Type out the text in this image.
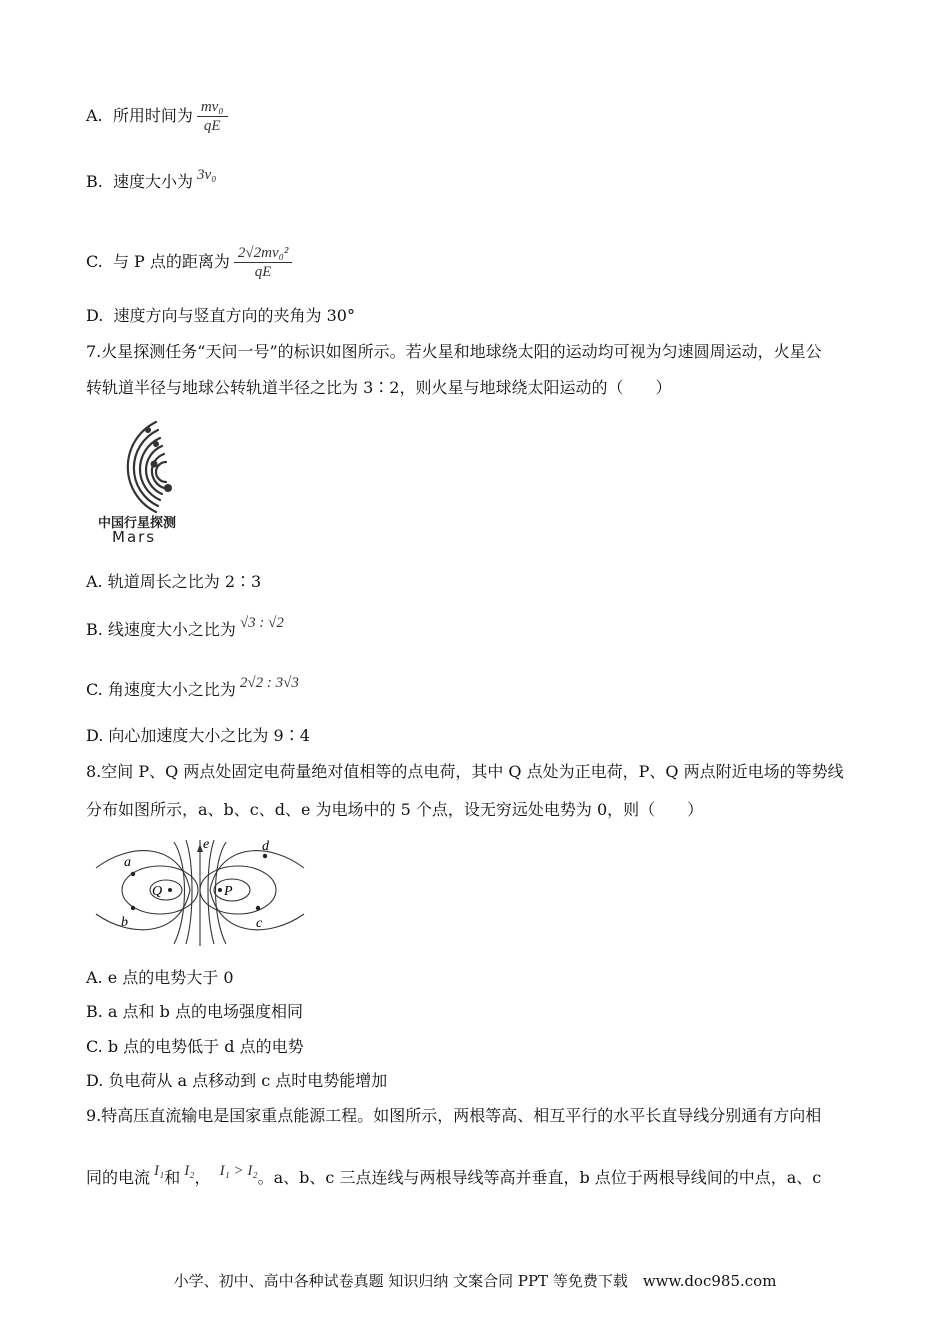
A. 所用时间为 $\frac{\text{mv₀}}{qE}$
B. 速度大小为 3v₀
C. 与 P 点的距离为 $\frac{\text{2√2mv₀²}}{qE}$
D. 速度方向与竖直方向的夹角为 30°
7.火星探测任务“天问一号”的标识如图所示。若火星和地球绕太阳的运动均可视为匀速圆周运动，火星公
转轨道半径与地球公转轨道半径之比为 3∶2，则火星与地球绕太阳运动的（　　）
中国行星探测
Mars
A. 轨道周长之比为 2∶3
B. 线速度大小之比为 √3 : √2
C. 角速度大小之比为 2√2 : 3√3
D. 向心加速度大小之比为 9∶4
8.空间 P、Q 两点处固定电荷量绝对值相等的点电荷，其中 Q 点处为正电荷，P、Q 两点附近电场的等势线
分布如图所示，a、b、c、d、e 为电场中的 5 个点，设无穷远处电势为 0，则（　　）
a
b	c
d
e
Q	P
A. e 点的电势大于 0
B. a 点和 b 点的电场强度相同
C. b 点的电势低于 d 点的电势
D. 负电荷从 a 点移动到 c 点时电势能增加
9.特高压直流输电是国家重点能源工程。如图所示，两根等高、相互平行的水平长直导线分别通有方向相
同的电流 I₁和 I₂， I₁ > I₂。a、b、c 三点连线与两根导线等高并垂直，b 点位于两根导线间的中点，a、c
小学、初中、高中各种试卷真题 知识归纳 文案合同 PPT 等免费下载　www.doc985.com
